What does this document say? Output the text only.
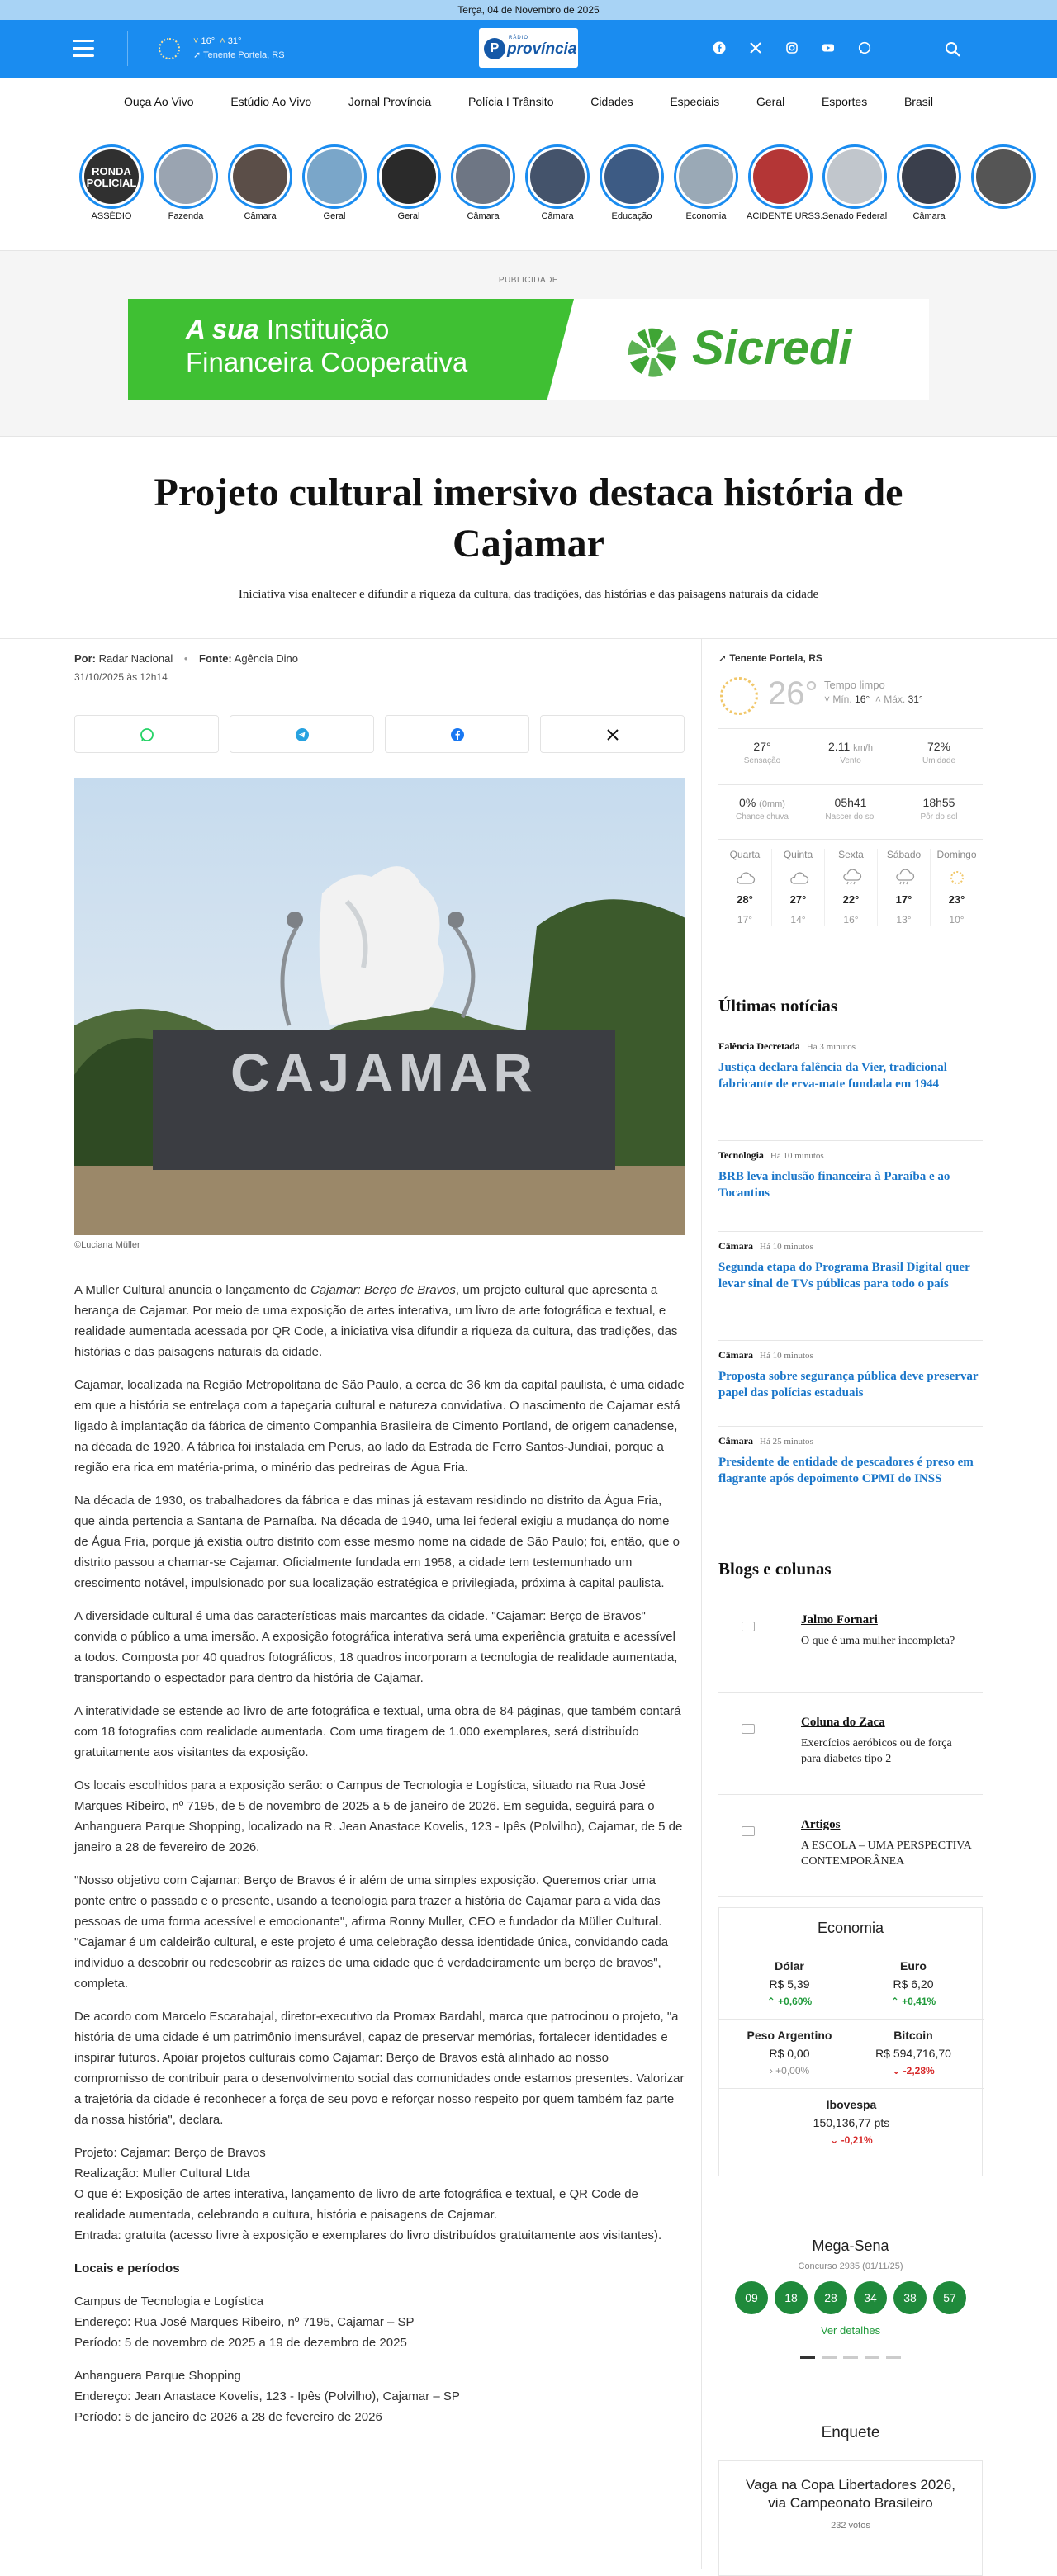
Terça, 04 de Novembro de 2025
˅ 16° ˄ 31°
➚ Tenente Portela, RS	P
RÁDIO
província
Ouça Ao Vivo	Estúdio Ao Vivo	Jornal Província	Polícia I Trânsito	Cidades	Especiais	Geral	Esportes	Brasil
RONDA
POLICIAL
ASSÉDIO	Fazenda	Câmara	Geral	Geral	Câmara	Câmara	Educação	Economia	ACIDENTE URSS...
Senado Federal	Câmara
PUBLICIDADE
A sua Instituição
Financeira Cooperativa	Sicredi
Projeto cultural imersivo destaca história de Cajamar
Iniciativa visa enaltecer e difundir a riqueza da cultura, das tradições, das histórias e das paisagens naturais da cidade
Por: Radar Nacional • Fonte: Agência Dino
31/10/2025 às 12h14
CAJAMAR
©Luciana Müller

A Muller Cultural anuncia o lançamento de Cajamar: Berço de Bravos, um projeto cultural que apresenta a herança de Cajamar. Por meio de uma exposição de artes interativa, um livro de arte fotográfica e textual, e realidade aumentada acessada por QR Code, a iniciativa visa difundir a riqueza da cultura, das tradições, das histórias e das paisagens naturais da cidade.

Cajamar, localizada na Região Metropolitana de São Paulo, a cerca de 36 km da capital paulista, é uma cidade em que a história se entrelaça com a tapeçaria cultural e natureza convidativa. O nascimento de Cajamar está ligado à implantação da fábrica de cimento Companhia Brasileira de Cimento Portland, de origem canadense, na década de 1920. A fábrica foi instalada em Perus, ao lado da Estrada de Ferro Santos-Jundiaí, porque a região era rica em matéria-prima, o minério das pedreiras de Água Fria.

Na década de 1930, os trabalhadores da fábrica e das minas já estavam residindo no distrito da Água Fria, que ainda pertencia a Santana de Parnaíba. Na década de 1940, uma lei federal exigiu a mudança do nome de Água Fria, porque já existia outro distrito com esse mesmo nome na cidade de São Paulo; foi, então, que o distrito passou a chamar-se Cajamar. Oficialmente fundada em 1958, a cidade tem testemunhado um crescimento notável, impulsionado por sua localização estratégica e privilegiada, próxima à capital paulista.

A diversidade cultural é uma das características mais marcantes da cidade. "Cajamar: Berço de Bravos" convida o público a uma imersão. A exposição fotográfica interativa será uma experiência gratuita e acessível a todos. Composta por 40 quadros fotográficos, 18 quadros incorporam a tecnologia de realidade aumentada, transportando o espectador para dentro da história de Cajamar.

A interatividade se estende ao livro de arte fotográfica e textual, uma obra de 84 páginas, que também contará com 18 fotografias com realidade aumentada. Com uma tiragem de 1.000 exemplares, será distribuído gratuitamente aos visitantes da exposição.

Os locais escolhidos para a exposição serão: o Campus de Tecnologia e Logística, situado na Rua José Marques Ribeiro, nº 7195, de 5 de novembro de 2025 a 5 de janeiro de 2026. Em seguida, seguirá para o Anhanguera Parque Shopping, localizado na R. Jean Anastace Kovelis, 123 - Ipês (Polvilho), Cajamar, de 5 de janeiro a 28 de fevereiro de 2026.

"Nosso objetivo com Cajamar: Berço de Bravos é ir além de uma simples exposição. Queremos criar uma ponte entre o passado e o presente, usando a tecnologia para trazer a história de Cajamar para a vida das pessoas de uma forma acessível e emocionante", afirma Ronny Muller, CEO e fundador da Müller Cultural. "Cajamar é um caldeirão cultural, e este projeto é uma celebração dessa identidade única, convidando cada indivíduo a descobrir ou redescobrir as raízes de uma cidade que é verdadeiramente um berço de bravos", completa.

De acordo com Marcelo Escarabajal, diretor-executivo da Promax Bardahl, marca que patrocinou o projeto, "a história de uma cidade é um patrimônio imensurável, capaz de preservar memórias, fortalecer identidades e inspirar futuros. Apoiar projetos culturais como Cajamar: Berço de Bravos está alinhado ao nosso compromisso de contribuir para o desenvolvimento social das comunidades onde estamos presentes. Valorizar a trajetória da cidade é reconhecer a força de seu povo e reforçar nosso respeito por quem também faz parte da nossa história", declara.

Projeto: Cajamar: Berço de Bravos
Realização: Muller Cultural Ltda
O que é: Exposição de artes interativa, lançamento de livro de arte fotográfica e textual, e QR Code de realidade aumentada, celebrando a cultura, história e paisagens de Cajamar.
Entrada: gratuita (acesso livre à exposição e exemplares do livro distribuídos gratuitamente aos visitantes).

Locais e períodos

Campus de Tecnologia e Logística
Endereço: Rua José Marques Ribeiro, nº 7195, Cajamar – SP
Período: 5 de novembro de 2025 a 19 de dezembro de 2025

Anhanguera Parque Shopping
Endereço: Jean Anastace Kovelis, 123 - Ipês (Polvilho), Cajamar – SP
Período: 5 de janeiro de 2026 a 28 de fevereiro de 2026

➚ Tenente Portela, RS
26° Tempo limpo
˅ Mín. 16°  ˄ Máx. 31°
27°
Sensação
2.11 km/h
Vento
72%
Umidade
0% (0mm)
Chance chuva
05h41
Nascer do sol
18h55
Pôr do sol
Quarta
28°
17°
Quinta
27°
14°
Sexta
22°
16°
Sábado
17°
13°
Domingo
23°
10°
Últimas notícias
Falência Decretada Há 3 minutos
Justiça declara falência da Vier, tradicional fabricante de erva-mate fundada em 1944
Tecnologia Há 10 minutos
BRB leva inclusão financeira à Paraíba e ao Tocantins
Câmara Há 10 minutos
Segunda etapa do Programa Brasil Digital quer levar sinal de TVs públicas para todo o país
Câmara Há 10 minutos
Proposta sobre segurança pública deve preservar papel das polícias estaduais
Câmara Há 25 minutos
Presidente de entidade de pescadores é preso em flagrante após depoimento CPMI do INSS
Blogs e colunas
Jalmo Fornari
O que é uma mulher incompleta?
Coluna do Zaca
Exercícios aeróbicos ou de força para diabetes tipo 2
Artigos
A ESCOLA – UMA PERSPECTIVA CONTEMPORÂNEA
Economia
Dólar
R$ 5,39
⌃ +0,60%
Euro
R$ 6,20
⌃ +0,41%
Peso Argentino
R$ 0,00
› +0,00%
Bitcoin
R$ 594,716,70
⌄ -2,28%
Ibovespa
150,136,77 pts
⌄ -0,21%
Mega-Sena
Concurso 2935 (01/11/25)
09	18	28	34	38	57
Ver detalhes
Enquete
Vaga na Copa Libertadores 2026, via Campeonato Brasileiro
232 votos
